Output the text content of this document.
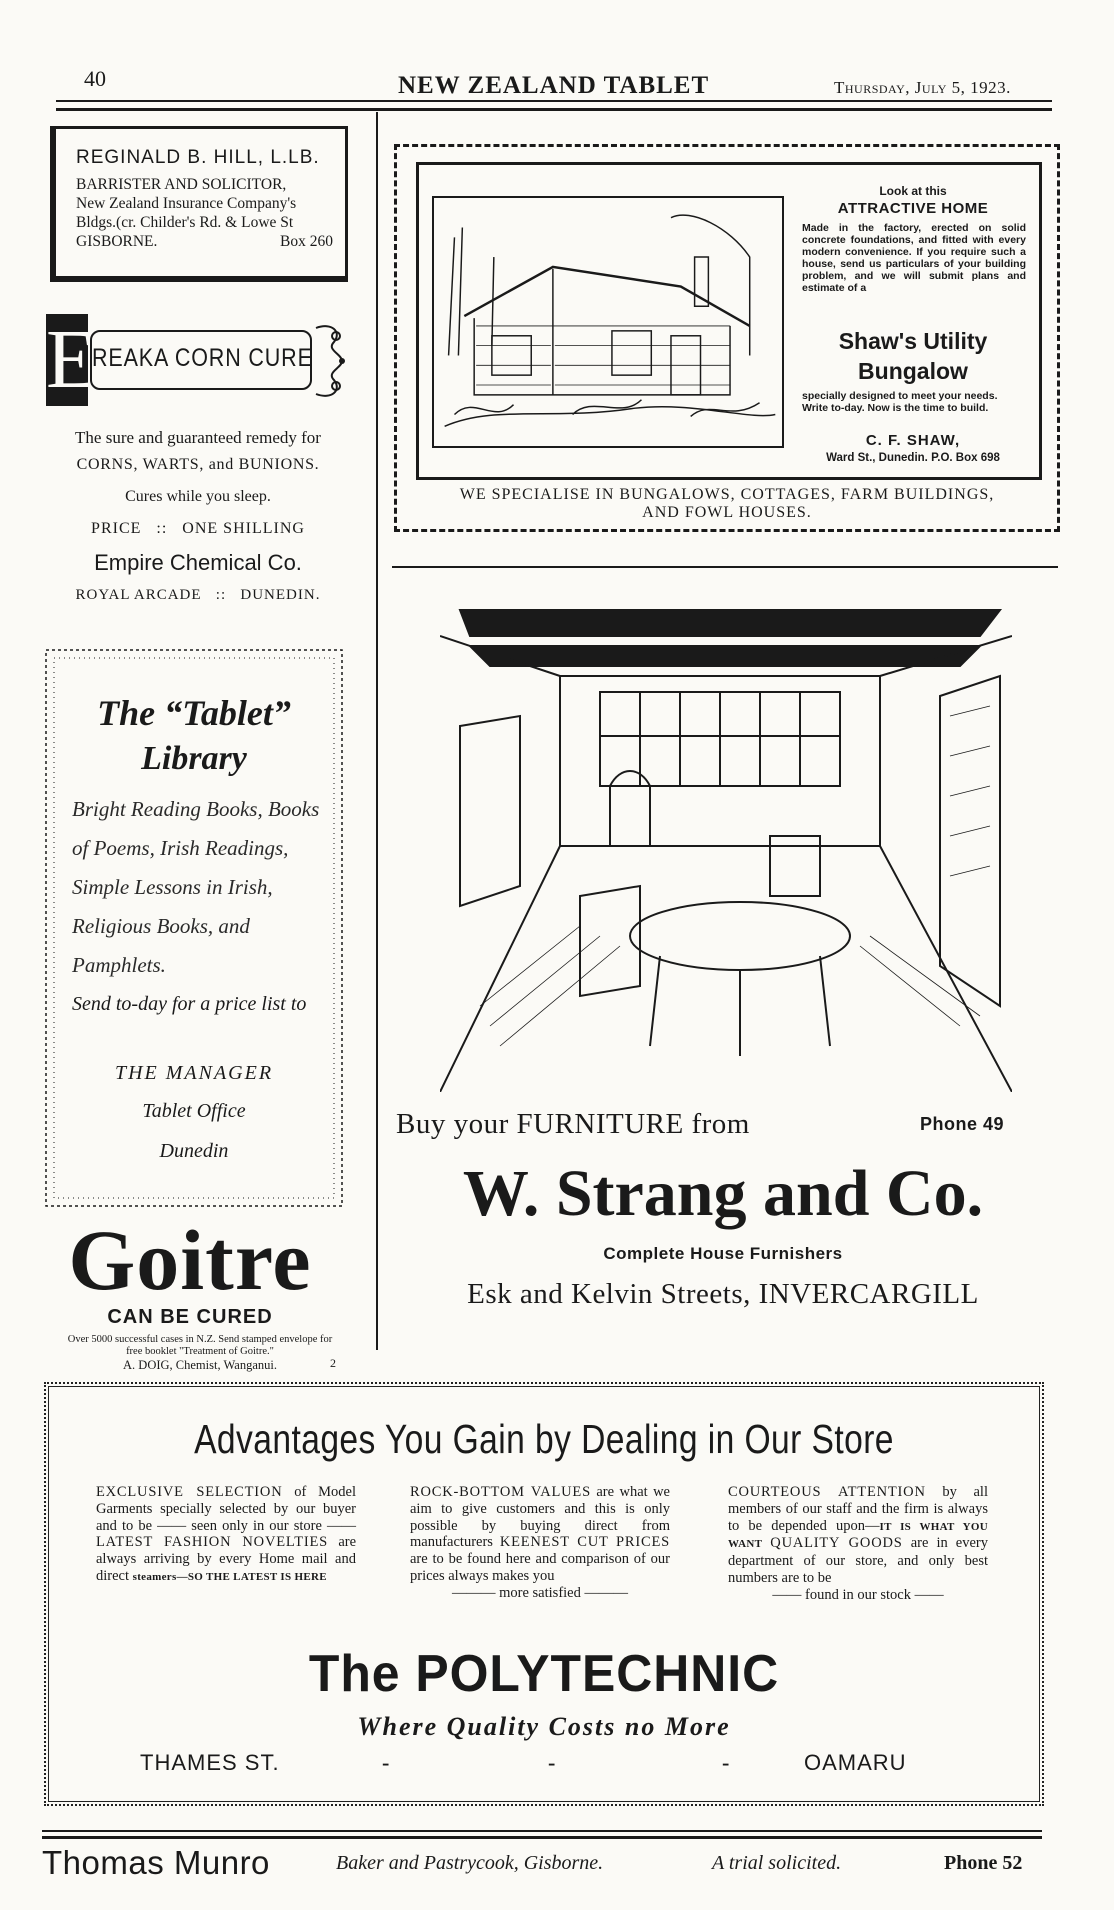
40	NEW ZEALAND TABLET	Thursday, July 5, 1923.
REGINALD B. HILL, L.LB.
BARRISTER AND SOLICITOR,
New Zealand Insurance Company's
Bldgs.(cr. Childer's Rd. & Lowe St
GISBORNE.	Box 260
E
REAKA CORN CURE
The sure and guaranteed remedy for
CORNS, WARTS, and BUNIONS.
Cures while you sleep.
PRICE   ::   ONE SHILLING
Empire Chemical Co.
ROYAL ARCADE   ::   DUNEDIN.
The “Tablet”
Library
Bright Reading Books, Books of Poems, Irish Readings, Simple Lessons in Irish, Religious Books, and Pamphlets.
Send to-day for a price list to
THE MANAGER
Tablet Office
Dunedin
Goitre
CAN BE CURED
Over 5000 successful cases in N.Z. Send stamped envelope for free booklet "Treatment of Goitre."
A. DOIG, Chemist, Wanganui.	2
Look at this
ATTRACTIVE HOME
Made in the factory, erected on solid concrete foundations, and fitted with every modern convenience. If you require such a house, send us particulars of your building problem, and we will submit plans and estimate of a
Shaw's Utility
Bungalow
specially designed to meet your needs. Write to-day. Now is the time to build.
C. F. SHAW,
Ward St., Dunedin. P.O. Box 698
WE SPECIALISE IN BUNGALOWS, COTTAGES, FARM BUILDINGS,
AND FOWL HOUSES.
Buy your FURNITURE from	Phone 49
W. Strang and Co.
Complete House Furnishers
Esk and Kelvin Streets, INVERCARGILL
Advantages You Gain by Dealing in Our Store
EXCLUSIVE SELECTION of Model Garments specially selected by our buyer and to be —— seen only in our store —— LATEST FASHION NOVELTIES are always arriving by every Home mail and direct steamers—SO THE LATEST IS HERE
ROCK-BOTTOM VALUES are what we aim to give customers and this is only possible by buying direct from manufacturers KEENEST CUT PRICES are to be found here and comparison of our prices always makes you
——— more satisfied ———
COURTEOUS ATTENTION by all members of our staff and the firm is always to be depended upon—IT IS WHAT YOU WANT QUALITY GOODS are in every department of our store, and only best numbers are to be
—— found in our stock ——
The POLYTECHNIC
Where Quality Costs no More
THAMES ST.	-	-	-	OAMARU
Thomas Munro	Baker and Pastrycook, Gisborne.	A trial solicited.	Phone 52
